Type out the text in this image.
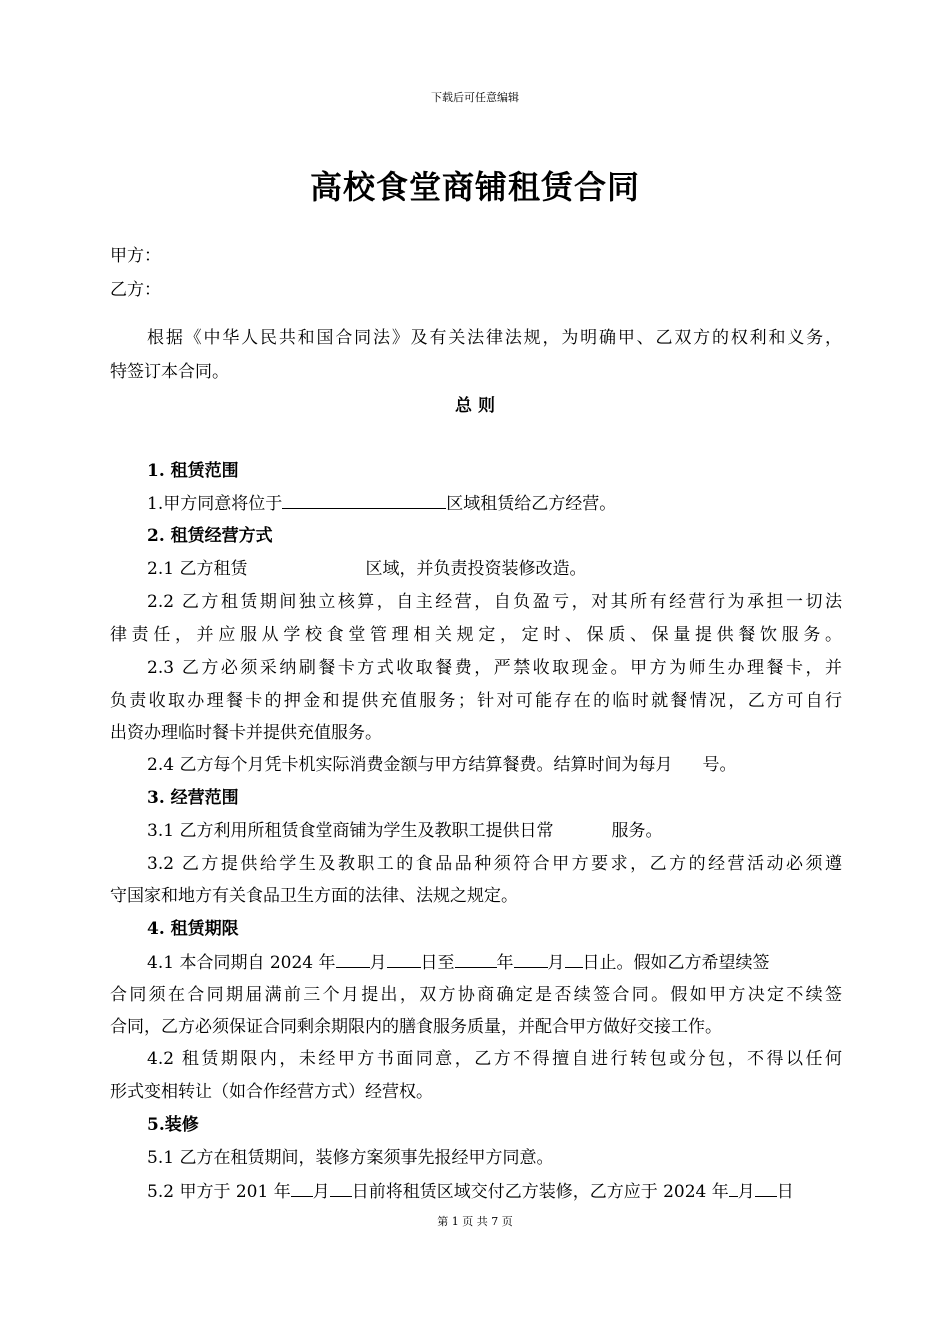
下载后可任意编辑
高校食堂商铺租赁合同
甲方：
乙方：
根据《中华人民共和国合同法》及有关法律法规，为明确甲、乙双方的权利和义务，
特签订本合同。
总 则
1. 租赁范围
1.甲方同意将位于	区域租赁给乙方经营。
2. 租赁经营方式
2.1 乙方租赁	区域，并负责投资装修改造。
2.2 乙方租赁期间独立核算，自主经营，自负盈亏，对其所有经营行为承担一切法
律责任，并应服从学校食堂管理相关规定，定时、保质、保量提供餐饮服务。
2.3 乙方必须采纳刷餐卡方式收取餐费，严禁收取现金。甲方为师生办理餐卡，并
负责收取办理餐卡的押金和提供充值服务；针对可能存在的临时就餐情况，乙方可自行
出资办理临时餐卡并提供充值服务。
2.4 乙方每个月凭卡机实际消费金额与甲方结算餐费。结算时间为每月 号。
3. 经营范围
3.1 乙方利用所租赁食堂商铺为学生及教职工提供日常	服务。
3.2 乙方提供给学生及教职工的食品品种须符合甲方要求，乙方的经营活动必须遵
守国家和地方有关食品卫生方面的法律、法规之规定。
4. 租赁期限
4.1 本合同期自 2024 年 月 日至 年 月 日止。假如乙方希望续签
合同须在合同期届满前三个月提出，双方协商确定是否续签合同。假如甲方决定不续签
合同，乙方必须保证合同剩余期限内的膳食服务质量，并配合甲方做好交接工作。
4.2 租赁期限内，未经甲方书面同意，乙方不得擅自进行转包或分包，不得以任何
形式变相转让（如合作经营方式）经营权。
5.装修
5.1 乙方在租赁期间，装修方案须事先报经甲方同意。
5.2 甲方于 201 年 月 日前将租赁区域交付乙方装修，乙方应于 2024 年 月 日
第 1 页 共 7 页
